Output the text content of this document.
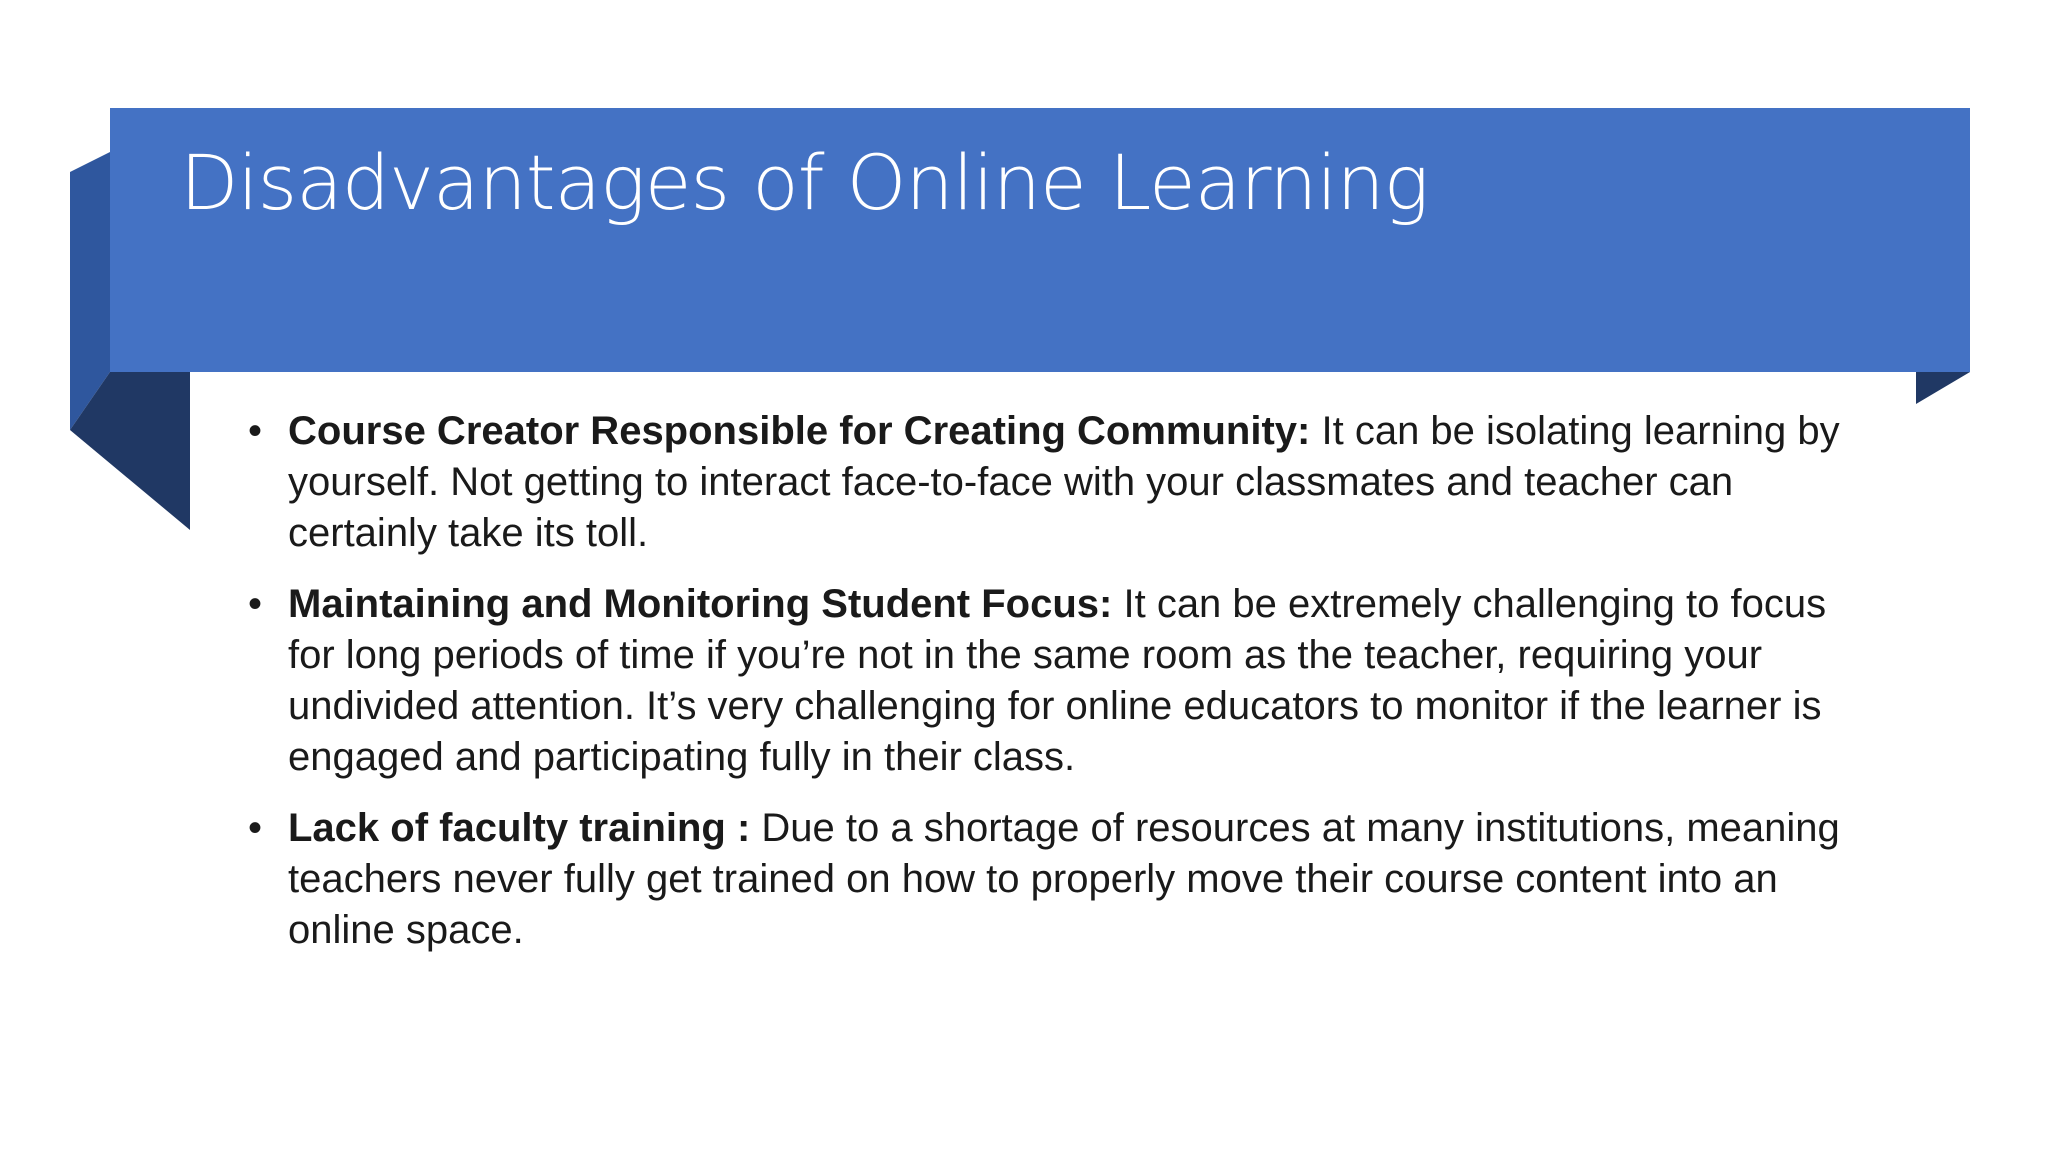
Disadvantages of Online Learning
• Course Creator Responsible for Creating Community: It can be isolating learning by yourself. Not getting to interact face-to-face with your classmates and teacher can certainly take its toll.
• Maintaining and Monitoring Student Focus: It can be extremely challenging to focus for long periods of time if you’re not in the same room as the teacher, requiring your undivided attention. It’s very challenging for online educators to monitor if the learner is engaged and participating fully in their class.
• Lack of faculty training : Due to a shortage of resources at many institutions, meaning teachers never fully get trained on how to properly move their course content into an online space.
